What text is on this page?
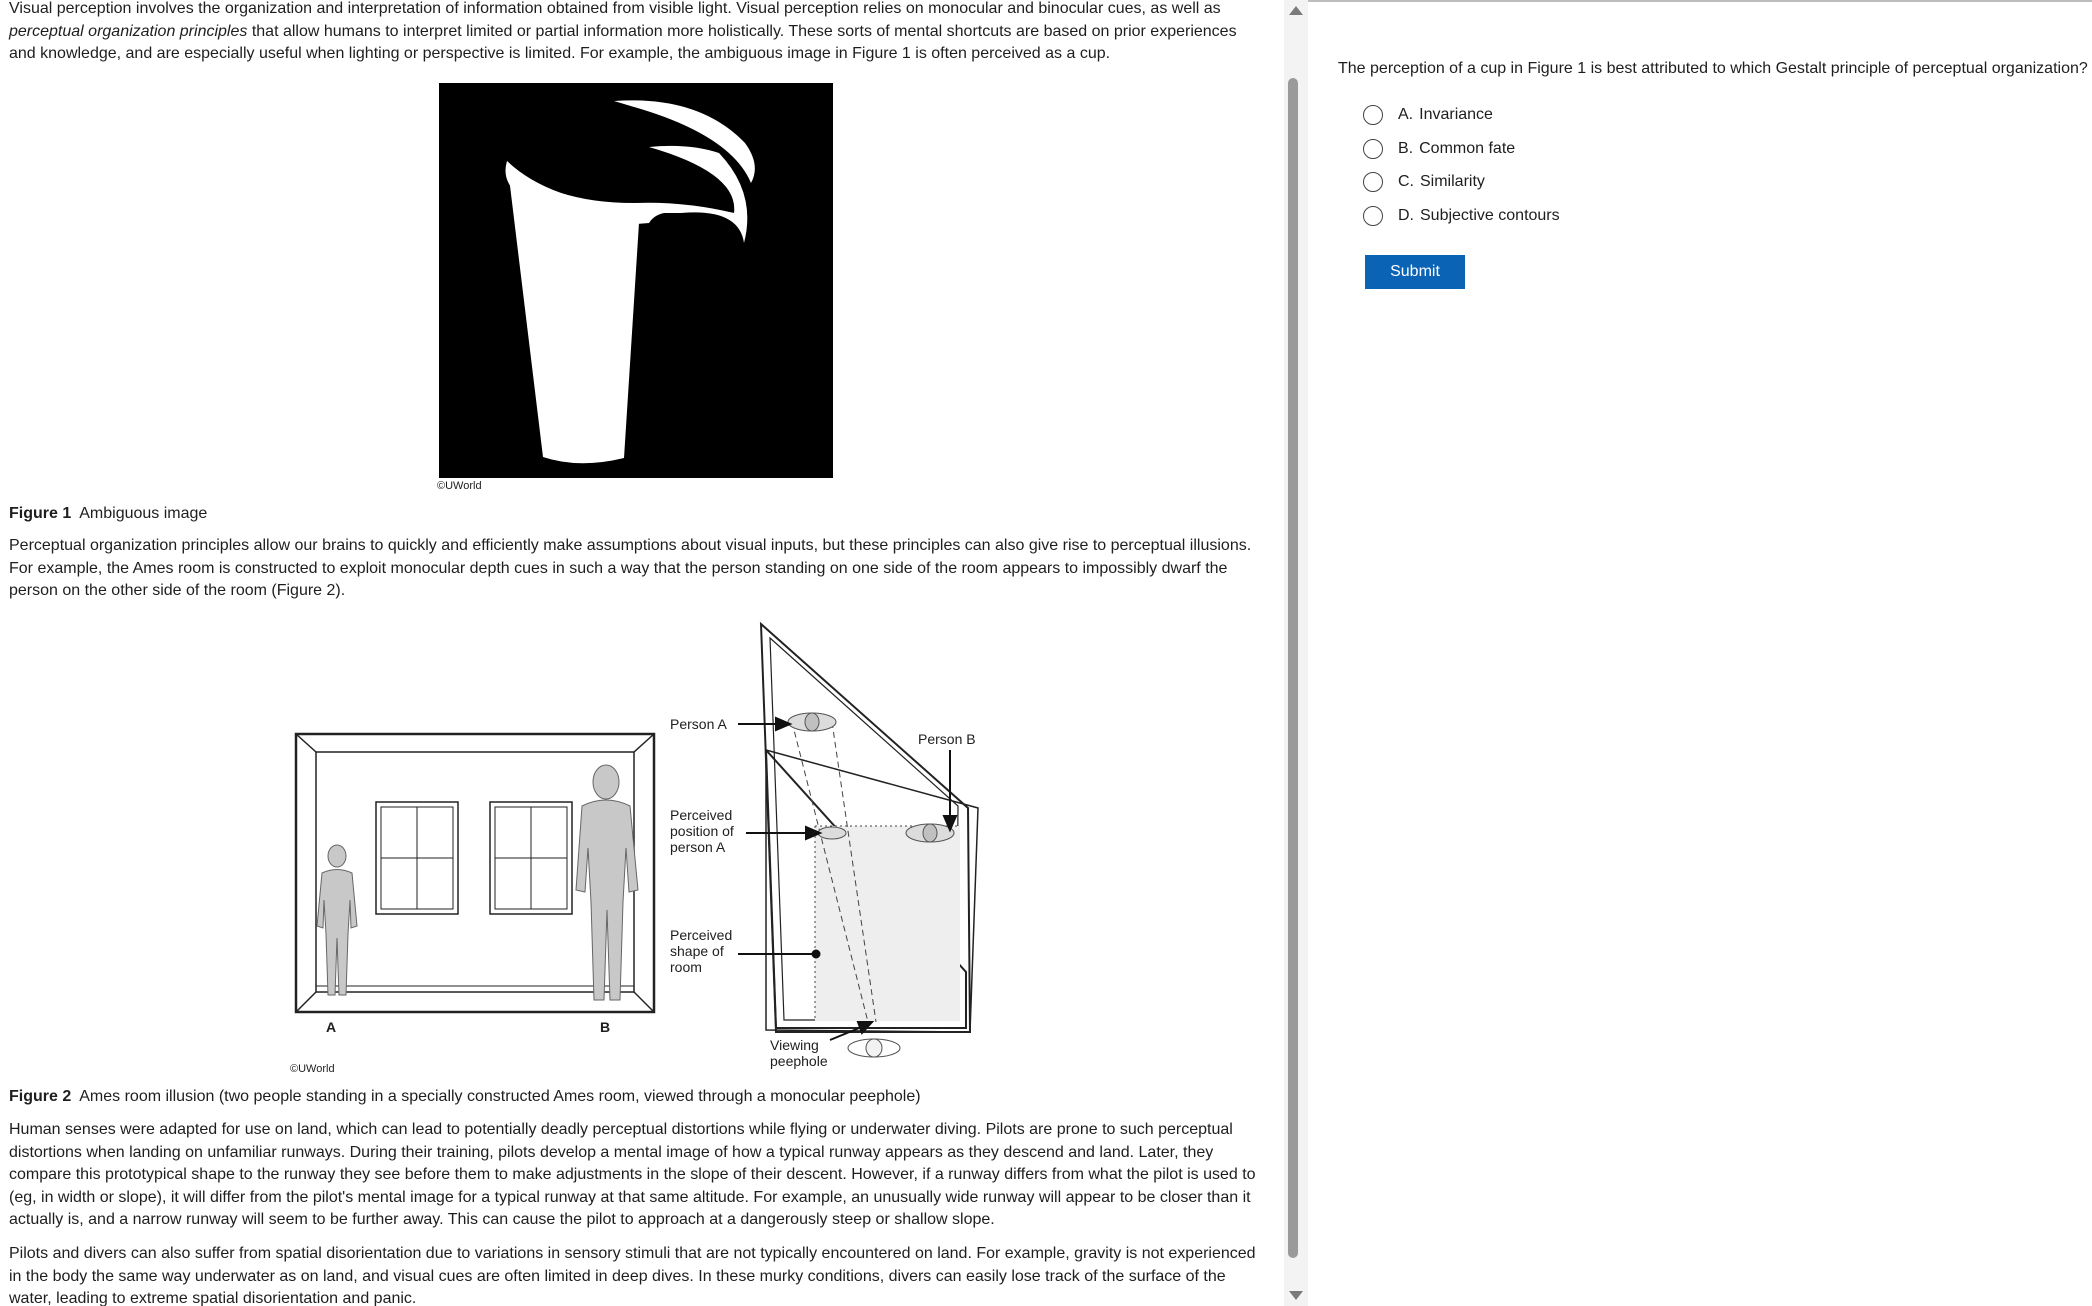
Visual perception involves the organization and interpretation of information obtained from visible light. Visual perception relies on monocular and binocular cues, as well as
perceptual organization principles that allow humans to interpret limited or partial information more holistically. These sorts of mental shortcuts are based on prior experiences
and knowledge, and are especially useful when lighting or perspective is limited. For example, the ambiguous image in Figure 1 is often perceived as a cup.

©UWorld

Figure 1 Ambiguous image

Perceptual organization principles allow our brains to quickly and efficiently make assumptions about visual inputs, but these principles can also give rise to perceptual illusions.
For example, the Ames room is constructed to exploit monocular depth cues in such a way that the person standing on one side of the room appears to impossibly dwarf the
person on the other side of the room (Figure 2).

A	B
©UWorld
Person A
Person B
Perceived
position of
person A
Perceived
shape of
room
Viewing
peephole

Figure 2 Ames room illusion (two people standing in a specially constructed Ames room, viewed through a monocular peephole)

Human senses were adapted for use on land, which can lead to potentially deadly perceptual distortions while flying or underwater diving. Pilots are prone to such perceptual
distortions when landing on unfamiliar runways. During their training, pilots develop a mental image of how a typical runway appears as they descend and land. Later, they
compare this prototypical shape to the runway they see before them to make adjustments in the slope of their descent. However, if a runway differs from what the pilot is used to
(eg, in width or slope), it will differ from the pilot's mental image for a typical runway at that same altitude. For example, an unusually wide runway will appear to be closer than it
actually is, and a narrow runway will seem to be further away. This can cause the pilot to approach at a dangerously steep or shallow slope.

Pilots and divers can also suffer from spatial disorientation due to variations in sensory stimuli that are not typically encountered on land. For example, gravity is not experienced
in the body the same way underwater as on land, and visual cues are often limited in deep dives. In these murky conditions, divers can easily lose track of the surface of the
water, leading to extreme spatial disorientation and panic.

The perception of a cup in Figure 1 is best attributed to which Gestalt principle of perceptual organization?

A. Invariance
B. Common fate
C. Similarity
D. Subjective contours
Submit
